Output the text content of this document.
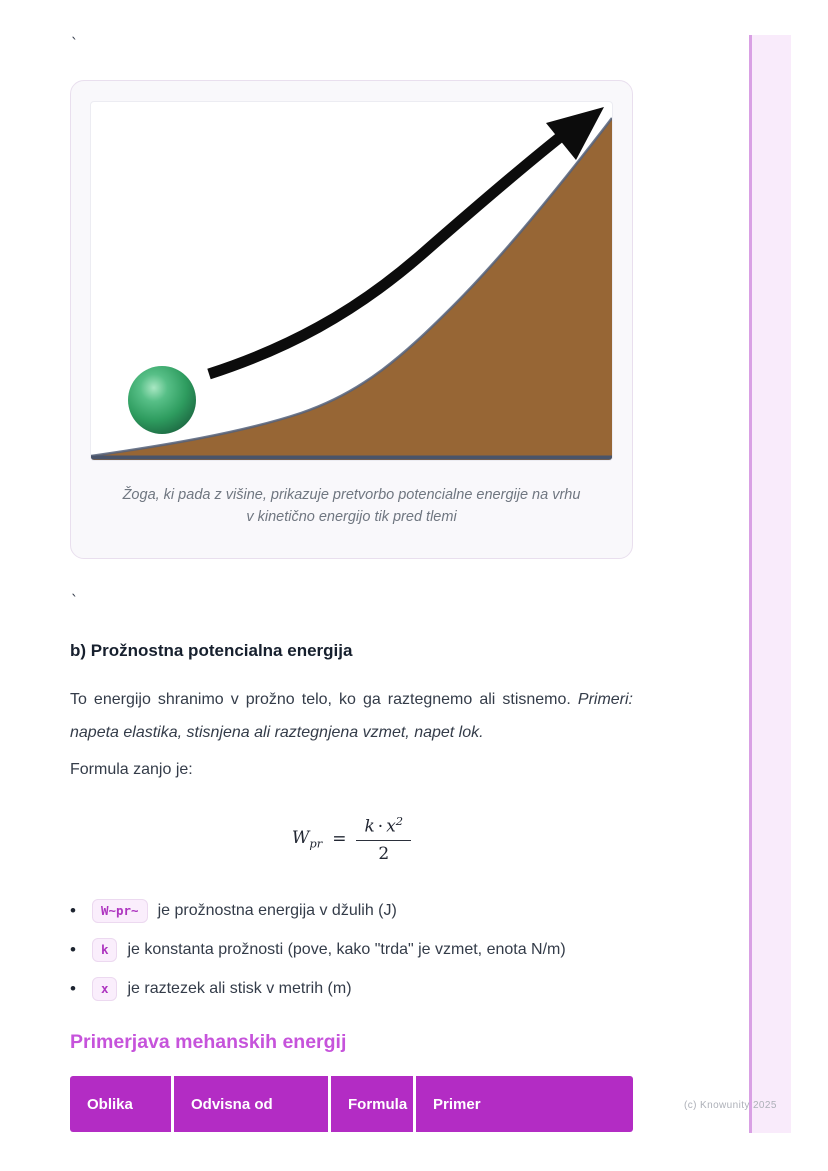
`
Žoga, ki pada z višine, prikazuje pretvorbo potencialne energije na vrhu v kinetično energijo tik pred tlemi
`
b) Prožnostna potencialna energija

To energijo shranimo v prožno telo, ko ga raztegnemo ali stisnemo. Primeri: napeta elastika, stisnjena ali raztegnjena vzmet, napet lok.

Formula zanjo je:

$W_{pr} = \frac{k \cdot x^2}{2}$
• W~pr~	je prožnostna energija v džulih (J)
• k	je konstanta prožnosti (pove, kako "trda" je vzmet, enota N/m)
• x	je raztezek ali stisk v metrih (m)
Primerjava mehanskih energij
Oblika	Odvisna od	Formula	Primer	(c) Knowunity 2025
